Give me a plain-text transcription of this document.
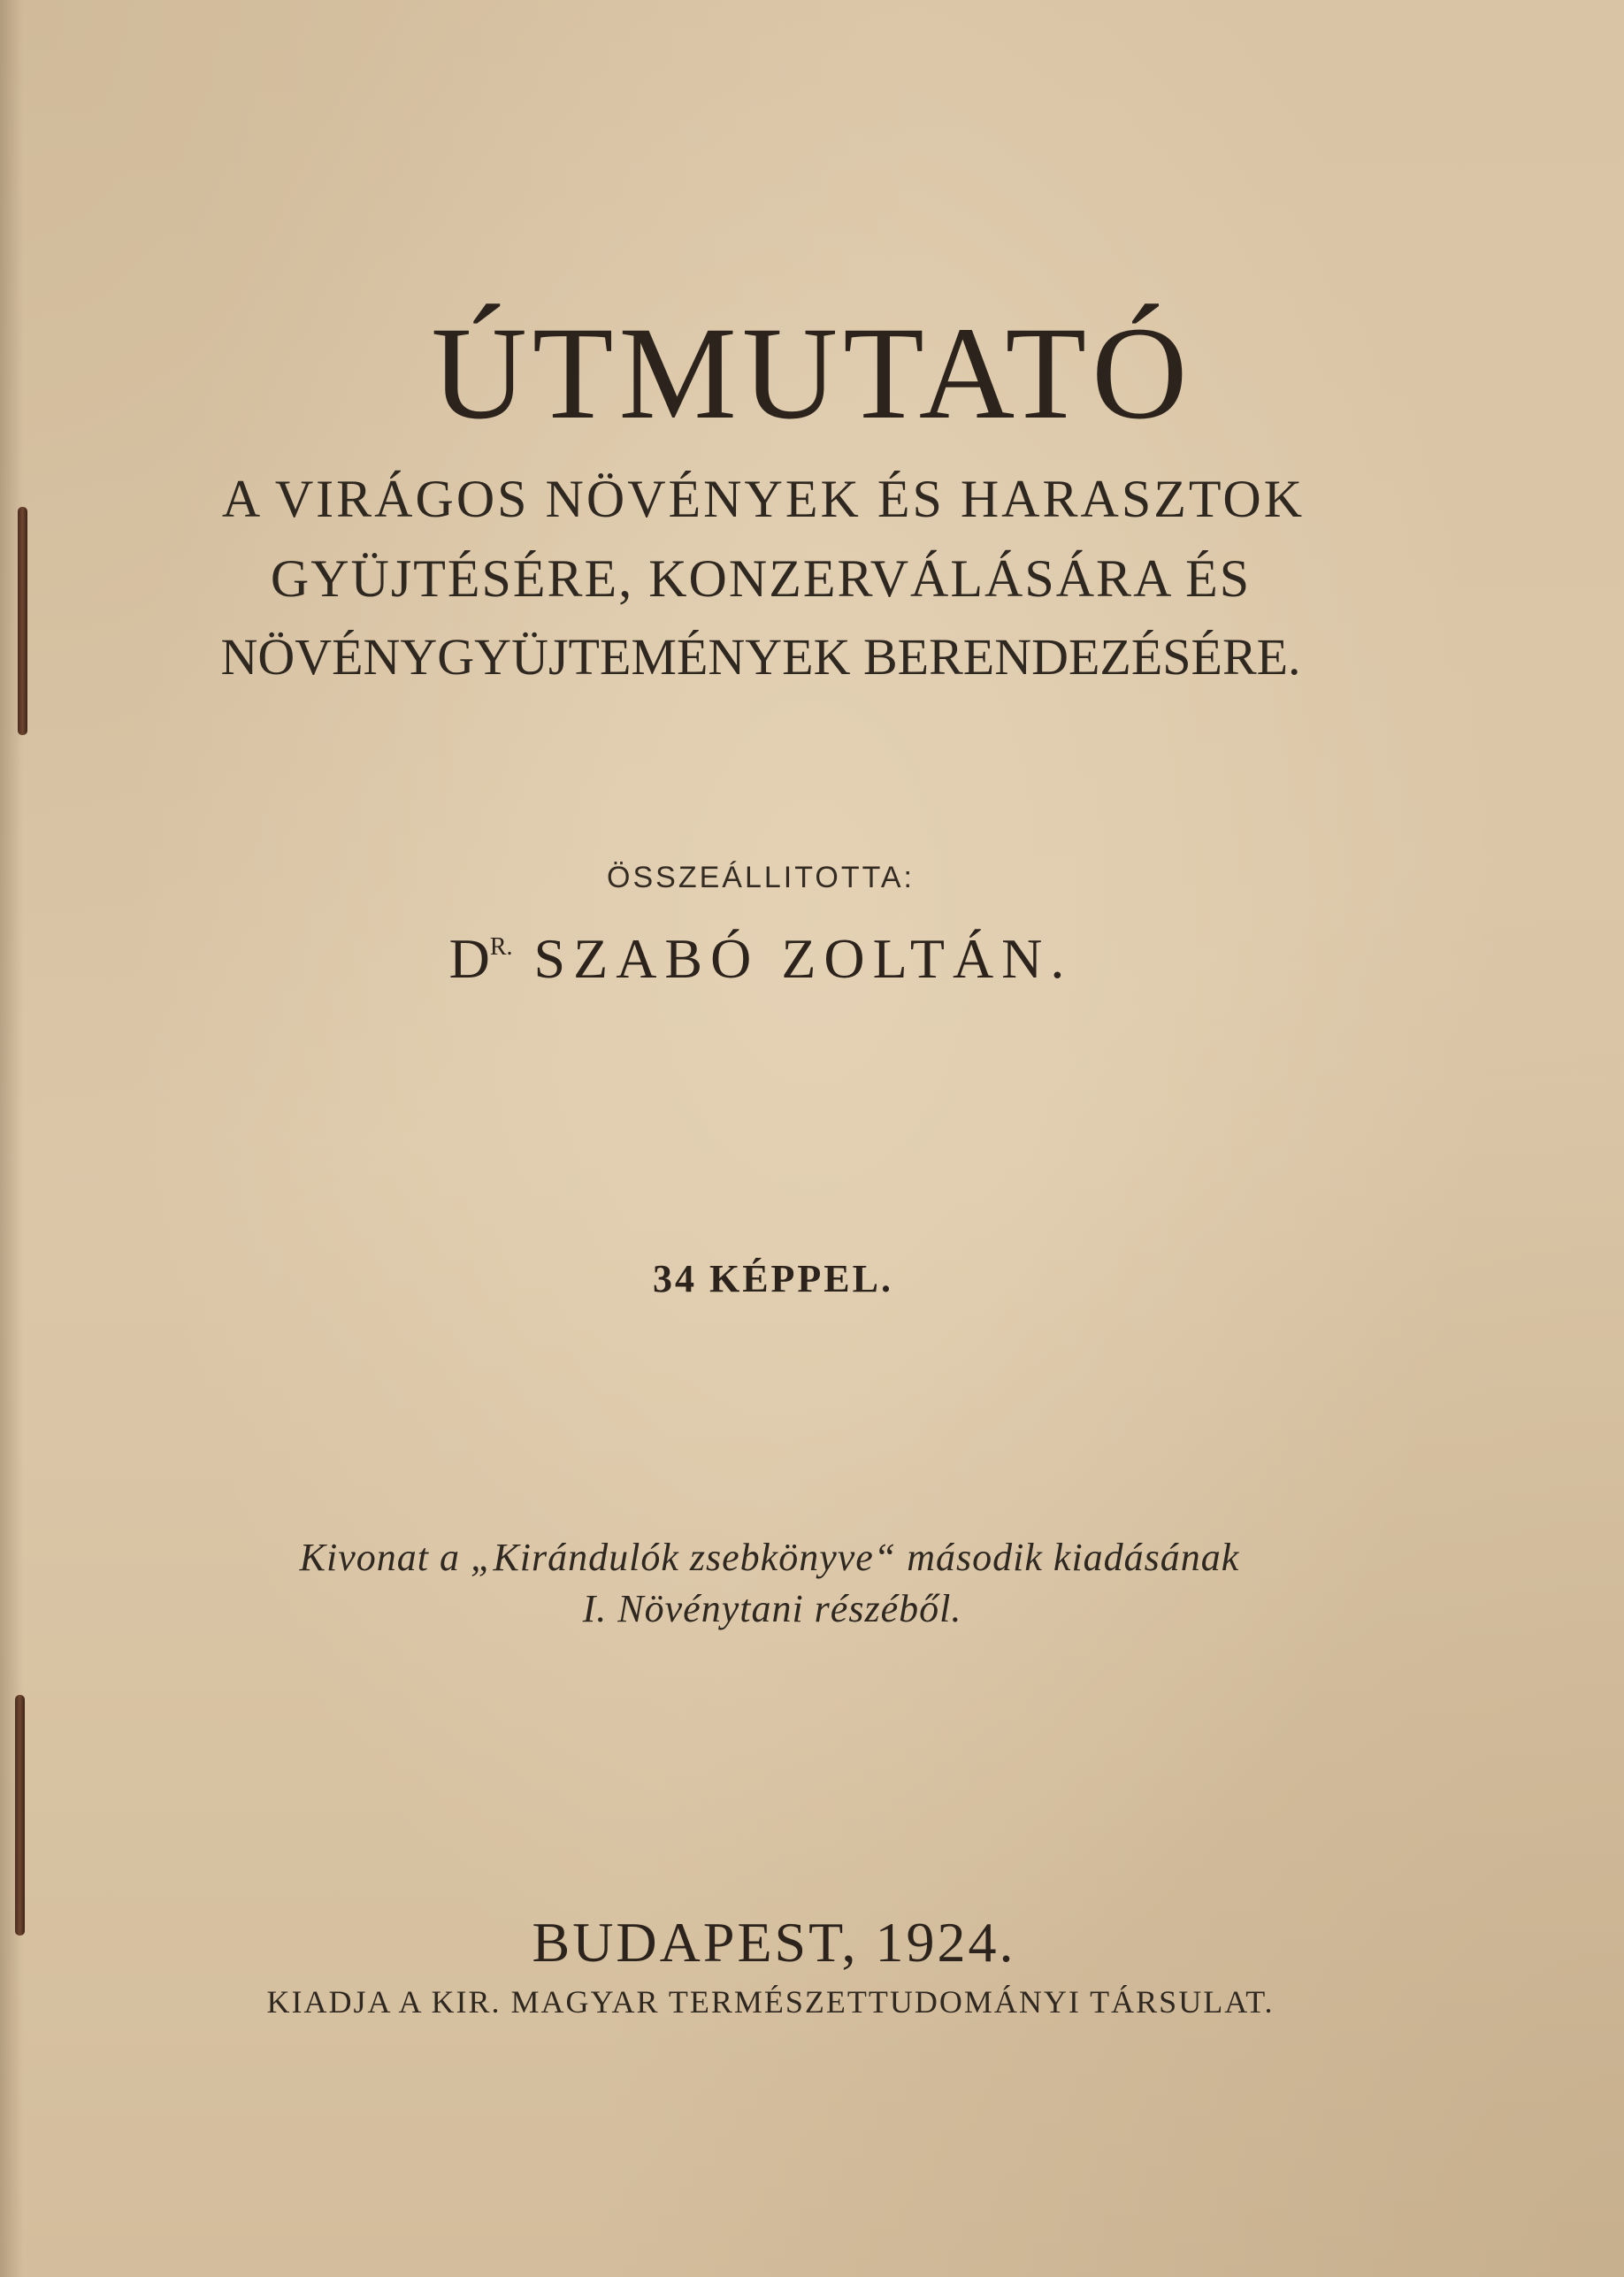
ÚTMUTATÓ
A VIRÁGOS NÖVÉNYEK ÉS HARASZTOK
GYÜJTÉSÉRE, KONZERVÁLÁSÁRA ÉS
NÖVÉNYGYÜJTEMÉNYEK BERENDEZÉSÉRE.
ÖSSZEÁLLITOTTA:
$D^{R.}$ SZABÓ ZOLTÁN.
34 KÉPPEL.
Kivonat a „Kirándulók zsebkönyve“ második kiadásának
I. Növénytani részéből.
BUDAPEST, 1924.
KIADJA A KIR. MAGYAR TERMÉSZETTUDOMÁNYI TÁRSULAT.
